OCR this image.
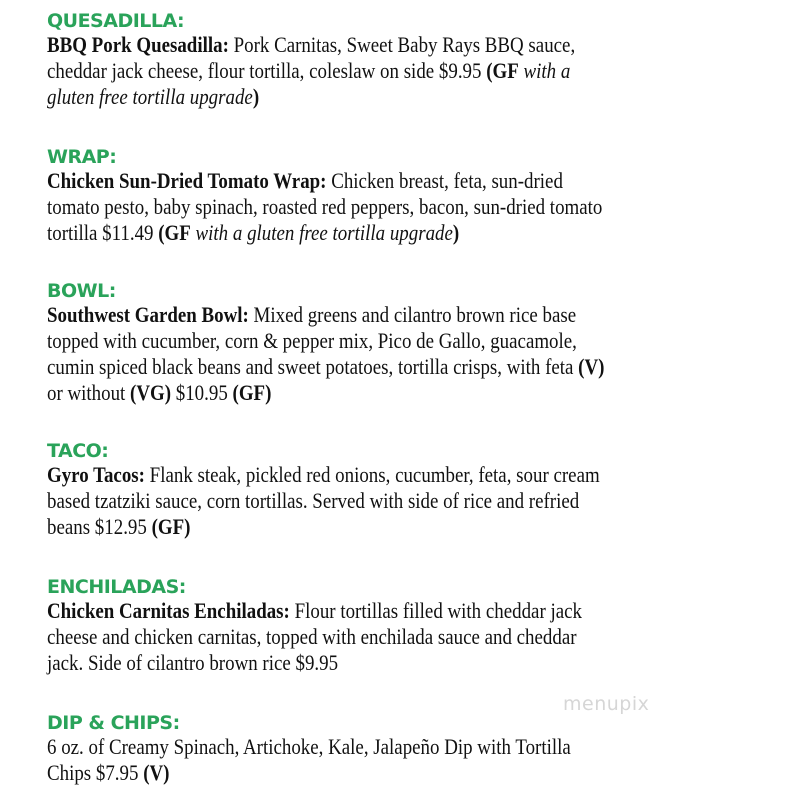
QUESADILLA:
BBQ Pork Quesadilla: Pork Carnitas, Sweet Baby Rays BBQ sauce,
cheddar jack cheese, flour tortilla, coleslaw on side $9.95 (GF with a
gluten free tortilla upgrade)
WRAP:
Chicken Sun-Dried Tomato Wrap: Chicken breast, feta, sun-dried
tomato pesto, baby spinach, roasted red peppers, bacon, sun-dried tomato
tortilla $11.49 (GF with a gluten free tortilla upgrade)
BOWL:
Southwest Garden Bowl: Mixed greens and cilantro brown rice base
topped with cucumber, corn & pepper mix, Pico de Gallo, guacamole,
cumin spiced black beans and sweet potatoes, tortilla crisps, with feta (V)
or without (VG) $10.95 (GF)
TACO:
Gyro Tacos: Flank steak, pickled red onions, cucumber, feta, sour cream
based tzatziki sauce, corn tortillas. Served with side of rice and refried
beans $12.95 (GF)
ENCHILADAS:
Chicken Carnitas Enchiladas: Flour tortillas filled with cheddar jack
cheese and chicken carnitas, topped with enchilada sauce and cheddar
jack. Side of cilantro brown rice $9.95
DIP & CHIPS:
6 oz. of Creamy Spinach, Artichoke, Kale, Jalapeño Dip with Tortilla
Chips $7.95 (V)
menupix
